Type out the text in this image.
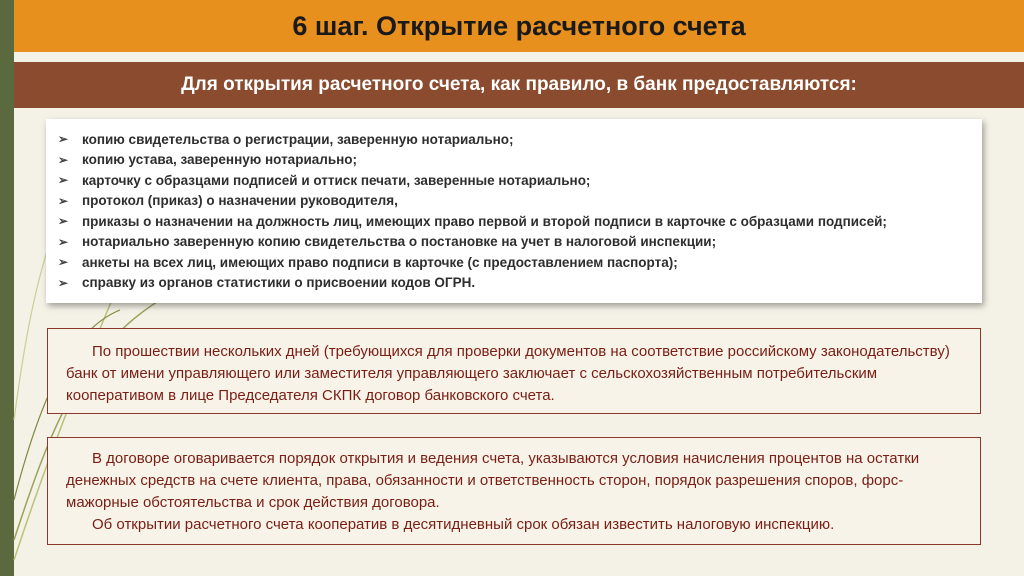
6 шаг. Открытие расчетного счета
Для открытия расчетного счета, как правило, в банк предоставляются:
➢	копию свидетельства о регистрации, заверенную нотариально;
➢	копию устава, заверенную нотариально;
➢	карточку с образцами подписей и оттиск печати, заверенные нотариально;
➢	протокол (приказ) о назначении руководителя,
➢	приказы о назначении на должность лиц, имеющих право первой и второй подписи в карточке с образцами подписей;
➢	нотариально заверенную копию свидетельства о постановке на учет в налоговой инспекции;
➢	анкеты на всех лиц, имеющих право подписи в карточке (с предоставлением паспорта);
➢	справку из органов статистики о присвоении кодов ОГРН.

По прошествии нескольких дней (требующихся для проверки документов на соответствие российскому законодательству) банк от имени управляющего или заместителя управляющего заключает с сельскохозяйственным потребительским кооперативом в лице Председателя СКПК договор банковского счета.

В договоре оговаривается порядок открытия и ведения счета, указываются условия начисления процентов на остатки денежных средств на счете клиента, права, обязанности и ответственность сторон, порядок разрешения споров, форс-мажорные обстоятельства и срок действия договора.

Об открытии расчетного счета кооператив в десятидневный срок обязан известить налоговую инспекцию.
